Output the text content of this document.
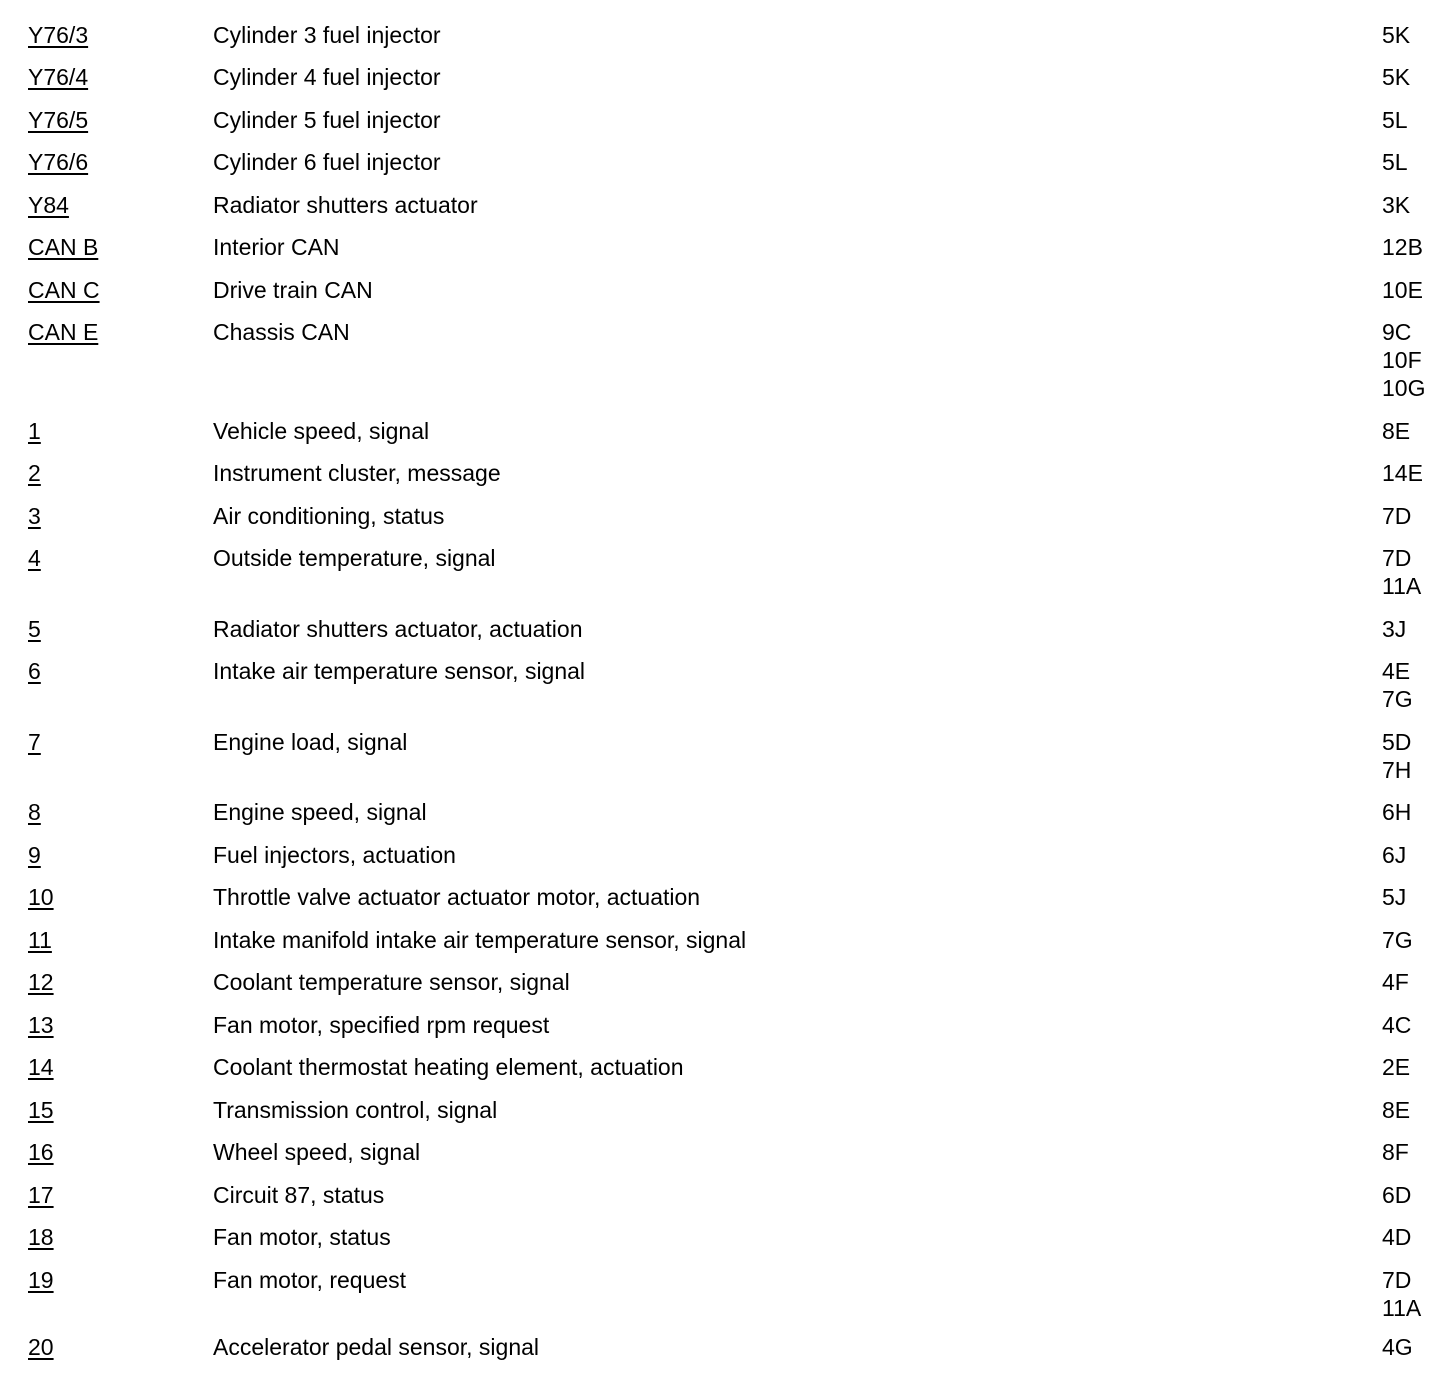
Y76/3	Cylinder 3 fuel injector	5K
Y76/4	Cylinder 4 fuel injector	5K
Y76/5	Cylinder 5 fuel injector	5L
Y76/6	Cylinder 6 fuel injector	5L
Y84	Radiator shutters actuator	3K
CAN B	Interior CAN	12B
CAN C	Drive train CAN	10E
CAN E	Chassis CAN	9C
10F
10G
1	Vehicle speed, signal	8E
2	Instrument cluster, message	14E
3	Air conditioning, status	7D
4	Outside temperature, signal	7D
11A
5	Radiator shutters actuator, actuation	3J
6	Intake air temperature sensor, signal	4E
7G
7	Engine load, signal	5D
7H
8	Engine speed, signal	6H
9	Fuel injectors, actuation	6J
10	Throttle valve actuator actuator motor, actuation	5J
11	Intake manifold intake air temperature sensor, signal	7G
12	Coolant temperature sensor, signal	4F
13	Fan motor, specified rpm request	4C
14	Coolant thermostat heating element, actuation	2E
15	Transmission control, signal	8E
16	Wheel speed, signal	8F
17	Circuit 87, status	6D
18	Fan motor, status	4D
19	Fan motor, request	7D
11A
20	Accelerator pedal sensor, signal	4G
